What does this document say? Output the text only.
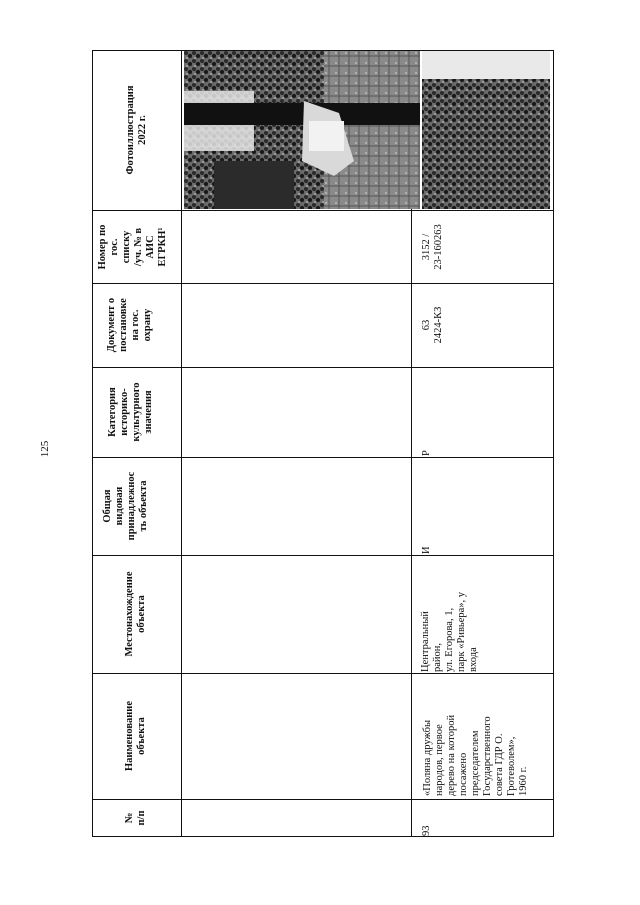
125
№
п/п
Наименование
объекта
Местонахождение
объекта
Общая
видовая
принадлежнос
ть объекта
Категория
историко-
культурного
значения
Документ о
постановке
на гос.
охрану
Номер по
гос.
списку
/уч. № в
АИС
ЕГРКН¹
Фотоиллюстрация
2022 г.
93
«Поляна дружбы
народов, первое
дерево на которой
посажено
председателем
Государственного
совета ГДР О.
Гротеволем»,
1960 г.
Центральный
район,
ул. Егорова, 1,
парк «Ривьера», у
входа
И
Р
63
2424-КЗ
3152 /
23-160263
